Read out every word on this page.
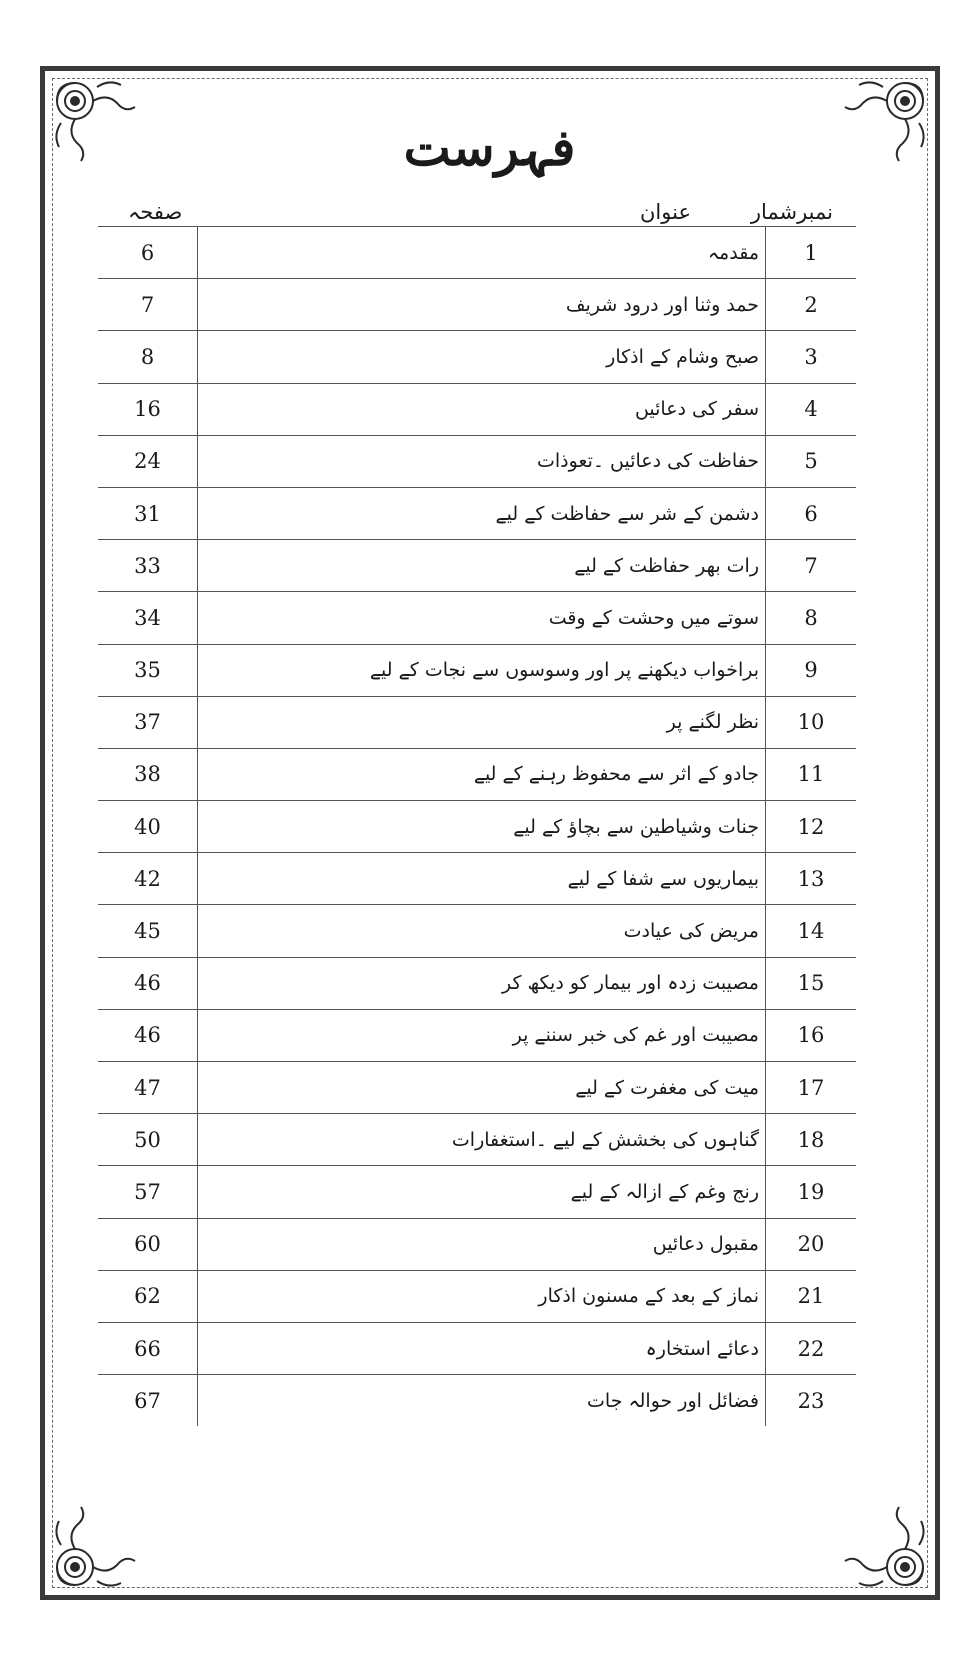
فہرست
نمبرشمار
عنوان
صفحہ
1
مقدمہ
6
2
حمد وثنا اور درود شریف
7
3
صبح وشام کے اذکار
8
4
سفر کی دعائیں
16
5
حفاظت کی دعائیں ۔تعوذات
24
6
دشمن کے شر سے حفاظت کے لیے
31
7
رات بھر حفاظت کے لیے
33
8
سوتے میں وحشت کے وقت
34
9
براخواب دیکھنے پر اور وسوسوں سے نجات کے لیے
35
10
نظر لگنے پر
37
11
جادو کے اثر سے محفوظ رہنے کے لیے
38
12
جنات وشیاطین سے بچاؤ کے لیے
40
13
بیماریوں سے شفا کے لیے
42
14
مریض کی عیادت
45
15
مصیبت زدہ اور بیمار کو دیکھ کر
46
16
مصیبت اور غم کی خبر سننے پر
46
17
میت کی مغفرت کے لیے
47
18
گناہوں کی بخشش کے لیے ۔استغفارات
50
19
رنج وغم کے ازالہ کے لیے
57
20
مقبول دعائیں
60
21
نماز کے بعد کے مسنون اذکار
62
22
دعائے استخارہ
66
23
فضائل اور حوالہ جات
67
